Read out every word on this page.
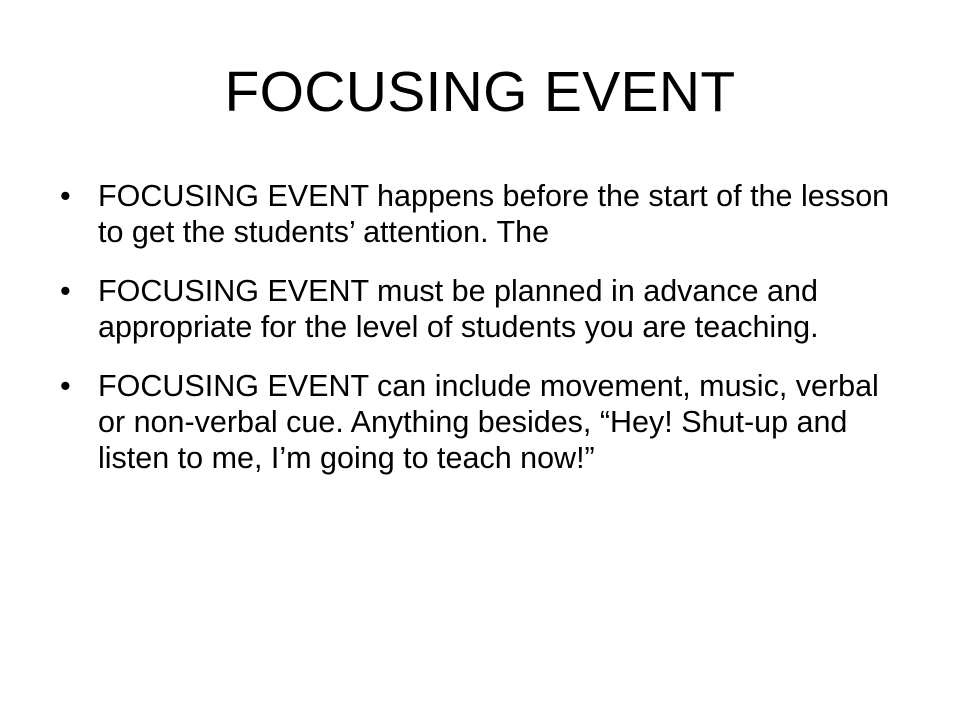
FOCUSING EVENT
• FOCUSING EVENT happens before the start of the lesson to get the students’ attention. The
• FOCUSING EVENT must be planned in advance and appropriate for the level of students you are teaching.
• FOCUSING EVENT can include movement, music, verbal or non-verbal cue. Anything besides, “Hey! Shut-up and listen to me, I’m going to teach now!”
